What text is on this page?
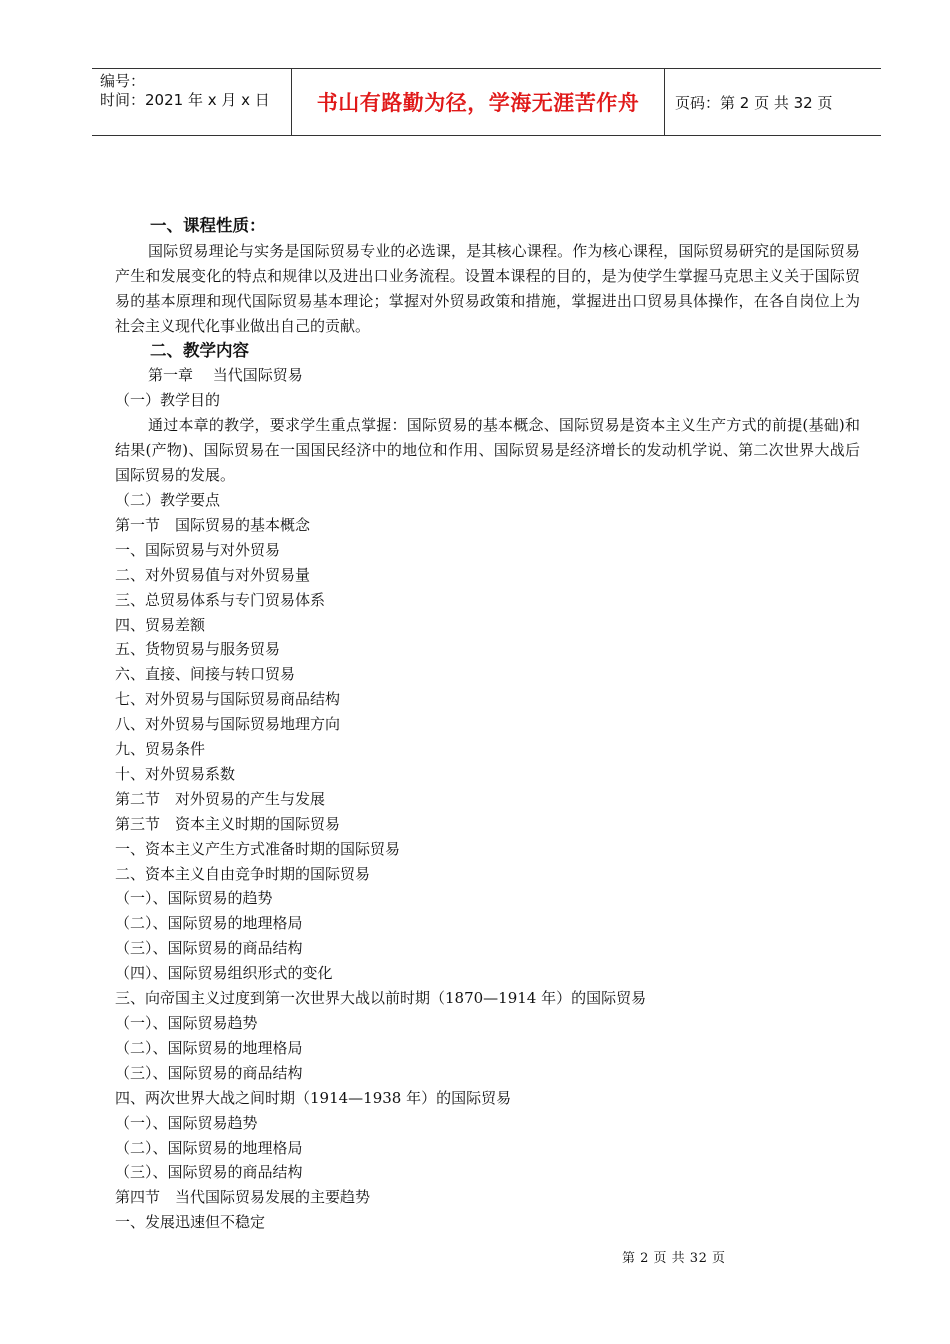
编号：
时间：2021 年 x 月 x 日	书山有路勤为径，学海无涯苦作舟 页码：第 2 页 共 32 页

一、课程性质：

国际贸易理论与实务是国际贸易专业的必选课，是其核心课程。作为核心课程，国际贸易研究的是国际贸易产生和发展变化的特点和规律以及进出口业务流程。设置本课程的目的，是为使学生掌握马克思主义关于国际贸易的基本原理和现代国际贸易基本理论；掌握对外贸易政策和措施，掌握进出口贸易具体操作，在各自岗位上为社会主义现代化事业做出自己的贡献。

二、教学内容

第一章　 当代国际贸易

（一）教学目的

通过本章的教学，要求学生重点掌握：国际贸易的基本概念、国际贸易是资本主义生产方式的前提(基础)和结果(产物)、国际贸易在一国国民经济中的地位和作用、国际贸易是经济增长的发动机学说、第二次世界大战后国际贸易的发展。

（二）教学要点

第一节　国际贸易的基本概念

一、国际贸易与对外贸易

二、对外贸易值与对外贸易量

三、总贸易体系与专门贸易体系

四、贸易差额

五、货物贸易与服务贸易

六、直接、间接与转口贸易

七、对外贸易与国际贸易商品结构

八、对外贸易与国际贸易地理方向

九、贸易条件

十、对外贸易系数

第二节　对外贸易的产生与发展

第三节　资本主义时期的国际贸易

一、资本主义产生方式准备时期的国际贸易

二、资本主义自由竞争时期的国际贸易

（一）、国际贸易的趋势

（二）、国际贸易的地理格局

（三）、国际贸易的商品结构

（四）、国际贸易组织形式的变化

三、向帝国主义过度到第一次世界大战以前时期（1870—1914 年）的国际贸易

（一）、国际贸易趋势

（二）、国际贸易的地理格局

（三）、国际贸易的商品结构

四、两次世界大战之间时期（1914—1938 年）的国际贸易

（一）、国际贸易趋势

（二）、国际贸易的地理格局

（三）、国际贸易的商品结构

第四节　当代国际贸易发展的主要趋势

一、发展迅速但不稳定

第 2 页 共 32 页
